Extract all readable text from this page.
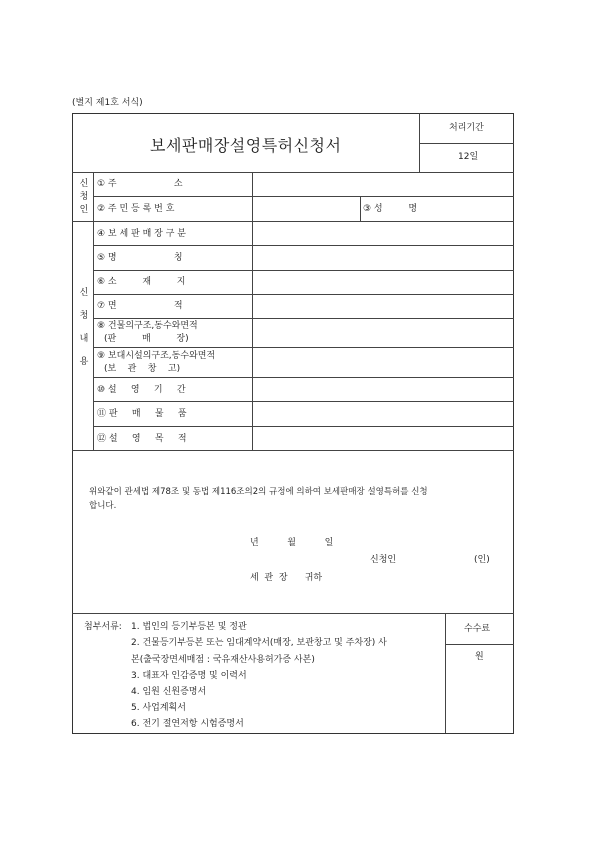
(별지 제1호 서식)
보세판매장설영특허신청서
처리기간
12일
신
청
인
① 주                    소
② 주 민 등 록 번 호	③ 성         명
신
청
내
용
④ 보 세 판 매 장 구 분
⑤ 명                    칭
⑥ 소         재         지
⑦ 면                    적
⑧ 건물의구조,동수와면적
(판         매         장)
⑨ 보대시설의구조,동수와면적
(보    관    창    고)
⑩ 설     영     기     간
⑪ 판     매     물     품
⑫ 설     영     목     적
위와같이 관세법 제78조 및 동법 제116조의2의 규정에 의하여 보세판매장 설영특허를 신청
합니다.
년          월          일
신청인	(인)
세  관  장      귀하
첨부서류: 1. 법인의 등기부등본 및 정관
2. 건물등기부등본 또는 임대계약서(매장, 보관창고 및 주차장) 사
본(출국장면세매점 : 국유재산사용허가증 사본)
3. 대표자 인감증명 및 이력서
4. 임원 신원증명서
5. 사업계획서
6. 전기 절연저항 시험증명서
수수료
원
